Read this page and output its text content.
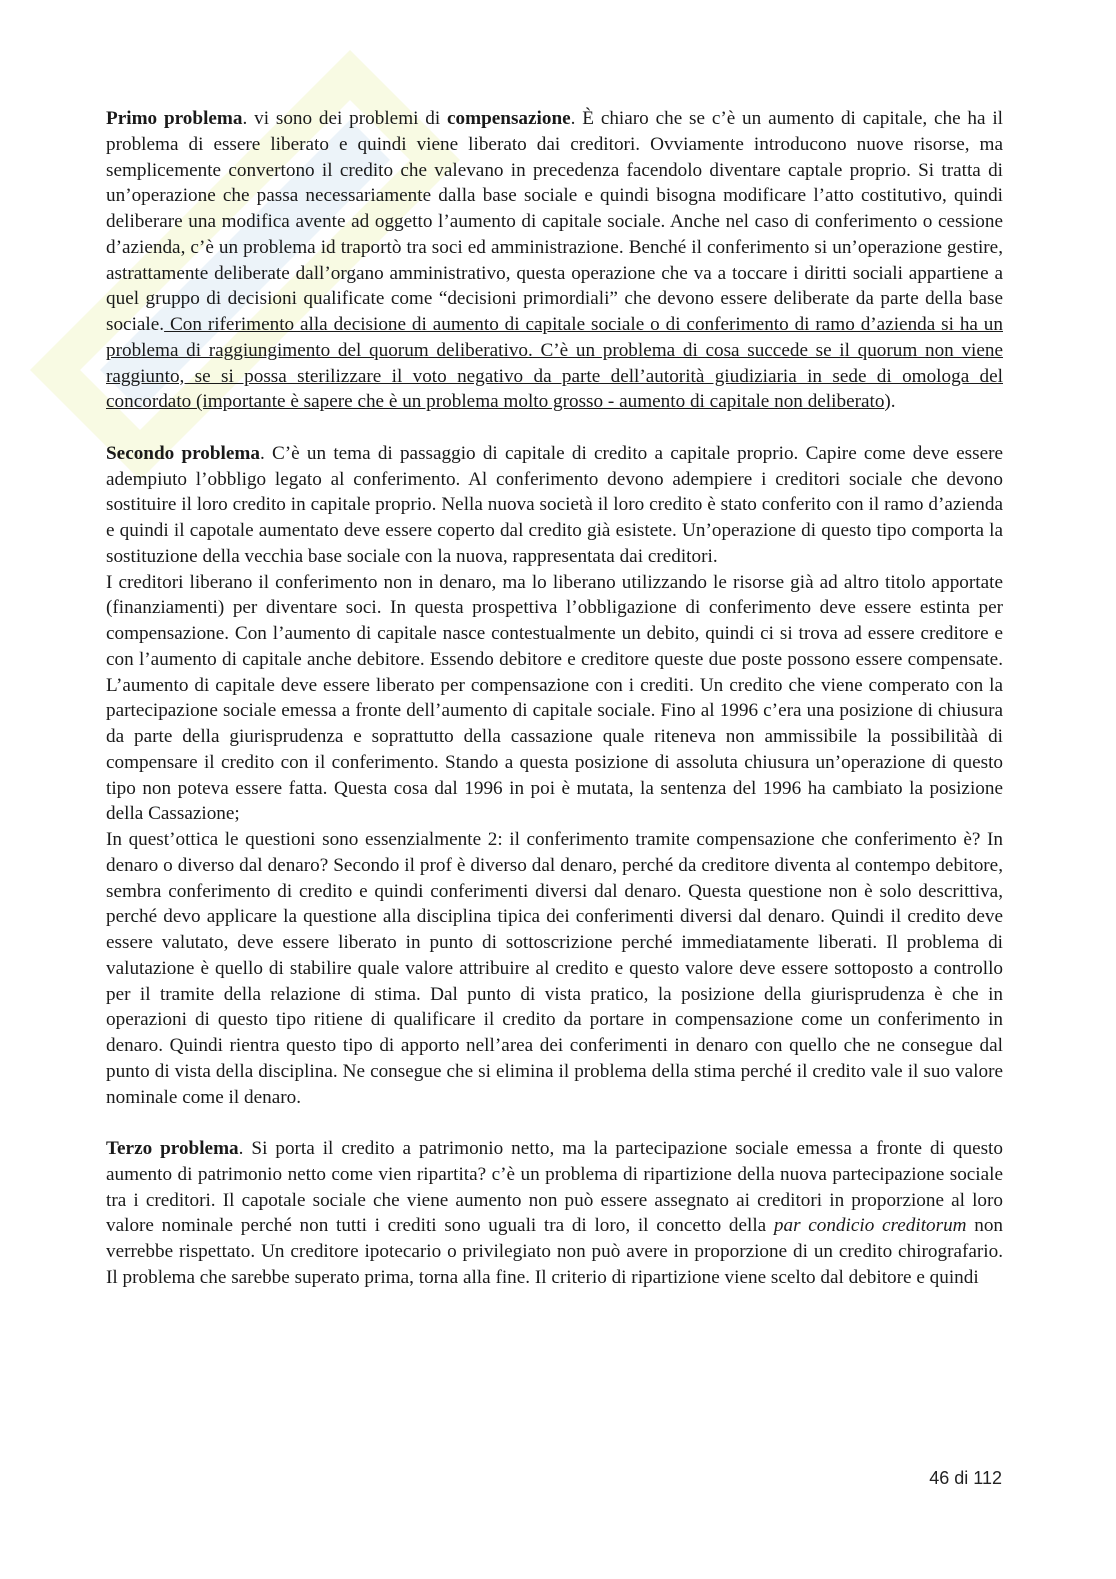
Primo problema. vi sono dei problemi di compensazione. È chiaro che se c’è un aumento di capitale, che ha il problema di essere liberato e quindi viene liberato dai creditori. Ovviamente introducono nuove risorse, ma semplicemente convertono il credito che valevano in precedenza facendolo diventare captale proprio. Si tratta di un’operazione che passa necessariamente dalla base sociale e quindi bisogna modificare l’atto costitutivo, quindi deliberare una modifica avente ad oggetto l’aumento di capitale sociale. Anche nel caso di conferimento o cessione d’azienda, c’è un problema id traportò tra soci ed amministrazione. Benché il conferimento si un’operazione gestire, astrattamente deliberate dall’organo amministrativo, questa operazione che va a toccare i diritti sociali appartiene a quel gruppo di decisioni qualificate come “decisioni primordiali” che devono essere deliberate da parte della base sociale. Con riferimento alla decisione di aumento di capitale sociale o di conferimento di ramo d’azienda si ha un problema di raggiungimento del quorum deliberativo. C’è un problema di cosa succede se il quorum non viene raggiunto, se si possa sterilizzare il voto negativo da parte dell’autorità giudiziaria in sede di omologa del concordato (importante è sapere che è un problema molto grosso - aumento di capitale non deliberato).

Secondo problema. C’è un tema di passaggio di capitale di credito a capitale proprio. Capire come deve essere adempiuto l’obbligo legato al conferimento. Al conferimento devono adempiere i creditori sociale che devono sostituire il loro credito in capitale proprio. Nella nuova società il loro credito è stato conferito con il ramo d’azienda e quindi il capotale aumentato deve essere coperto dal credito già esistete. Un’operazione di questo tipo comporta la sostituzione della vecchia base sociale con la nuova, rappresentata dai creditori.

I creditori liberano il conferimento non in denaro, ma lo liberano utilizzando le risorse già ad altro titolo apportate (finanziamenti) per diventare soci. In questa prospettiva l’obbligazione di conferimento deve essere estinta per compensazione. Con l’aumento di capitale nasce contestualmente un debito, quindi ci si trova ad essere creditore e con l’aumento di capitale anche debitore. Essendo debitore e creditore queste due poste possono essere compensate. L’aumento di capitale deve essere liberato per compensazione con i crediti. Un credito che viene comperato con la partecipazione sociale emessa a fronte dell’aumento di capitale sociale. Fino al 1996 c’era una posizione di chiusura da parte della giurisprudenza e soprattutto della cassazione quale riteneva non ammissibile la possibilitàà di compensare il credito con il conferimento. Stando a questa posizione di assoluta chiusura un’operazione di questo tipo non poteva essere fatta. Questa cosa dal 1996 in poi è mutata, la sentenza del 1996 ha cambiato la posizione della Cassazione;

In quest’ottica le questioni sono essenzialmente 2: il conferimento tramite compensazione che conferimento è? In denaro o diverso dal denaro? Secondo il prof è diverso dal denaro, perché da creditore diventa al contempo debitore, sembra conferimento di credito e quindi conferimenti diversi dal denaro. Questa questione non è solo descrittiva, perché devo applicare la questione alla disciplina tipica dei conferimenti diversi dal denaro. Quindi il credito deve essere valutato, deve essere liberato in punto di sottoscrizione perché immediatamente liberati. Il problema di valutazione è quello di stabilire quale valore attribuire al credito e questo valore deve essere sottoposto a controllo per il tramite della relazione di stima. Dal punto di vista pratico, la posizione della giurisprudenza è che in operazioni di questo tipo ritiene di qualificare il credito da portare in compensazione come un conferimento in denaro. Quindi rientra questo tipo di apporto nell’area dei conferimenti in denaro con quello che ne consegue dal punto di vista della disciplina. Ne consegue che si elimina il problema della stima perché il credito vale il suo valore nominale come il denaro.

Terzo problema. Si porta il credito a patrimonio netto, ma la partecipazione sociale emessa a fronte di questo aumento di patrimonio netto come vien ripartita? c’è un problema di ripartizione della nuova partecipazione sociale tra i creditori. Il capotale sociale che viene aumento non può essere assegnato ai creditori in proporzione al loro valore nominale perché non tutti i crediti sono uguali tra di loro, il concetto della par condicio creditorum non verrebbe rispettato. Un creditore ipotecario o privilegiato non può avere in proporzione di un credito chirografario. Il problema che sarebbe superato prima, torna alla fine. Il criterio di ripartizione viene scelto dal debitore e quindi

46 di 112
